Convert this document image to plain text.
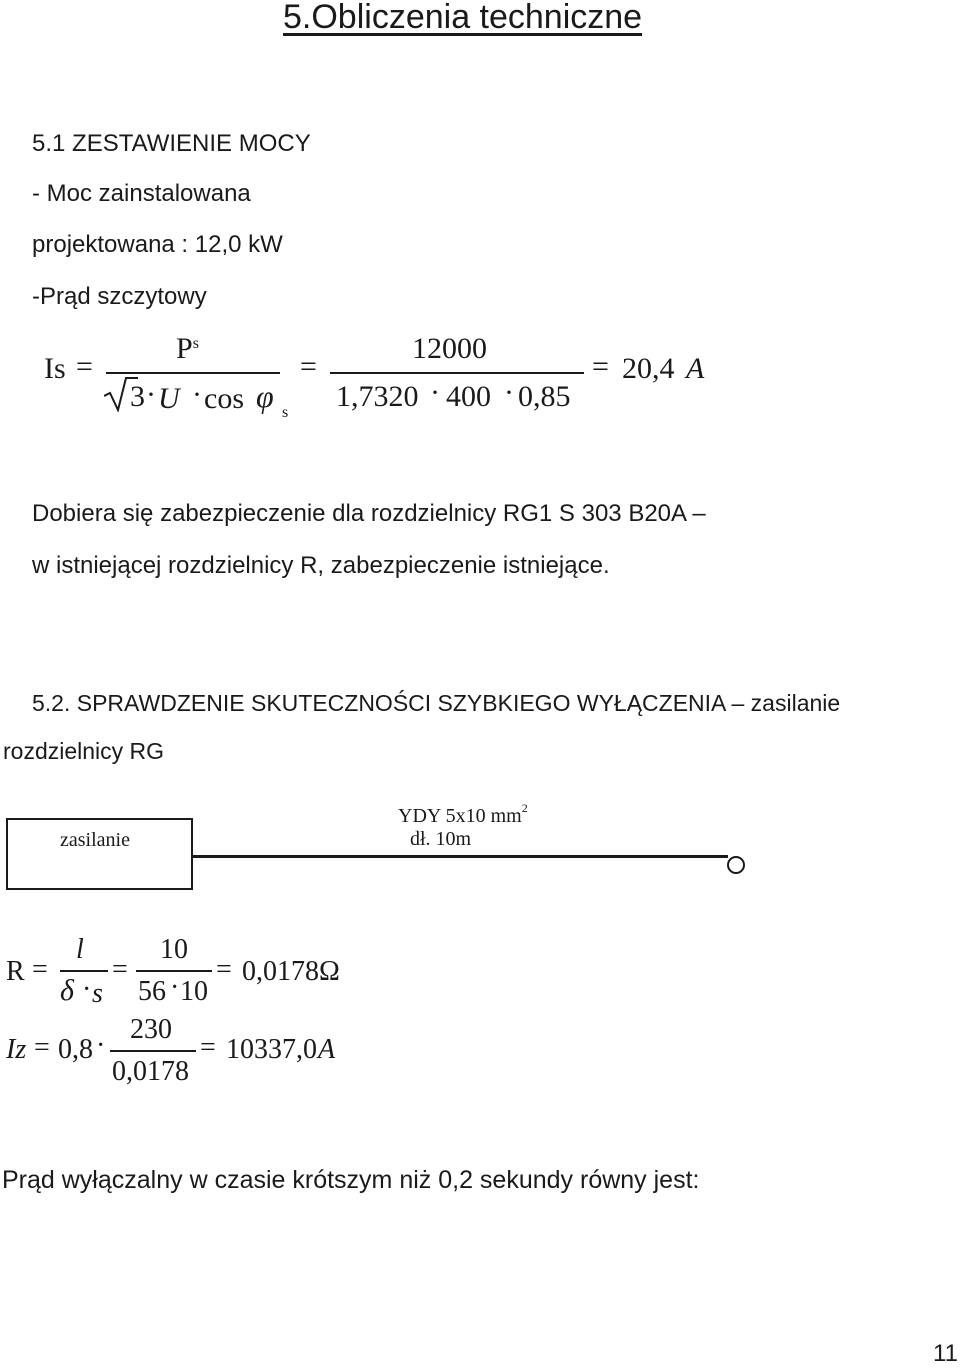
5.Obliczenia techniczne
5.1 ZESTAWIENIE MOCY
- Moc zainstalowana
projektowana : 12,0 kW
-Prąd szczytowy
Is =
$P^s$
3 · U · cos φ s
=
12000
1,7320 · 400 · 0,85
= 20,4 A
Dobiera się zabezpieczenie dla rozdzielnicy RG1 S 303 B20A –
w istniejącej rozdzielnicy R, zabezpieczenie istniejące.
5.2. SPRAWDZENIE SKUTECZNOŚCI SZYBKIEGO WYŁĄCZENIA – zasilanie
rozdzielnicy RG
zasilanie
YDY 5x10 $mm^2$
dł. 10m
R =
l
δ · s
=
10
56 · 10
= 0,0178Ω
Iz = 0,8 ·
230
0,0178
= 10337,0 A
Prąd wyłączalny w czasie krótszym niż 0,2 sekundy równy jest:
11
